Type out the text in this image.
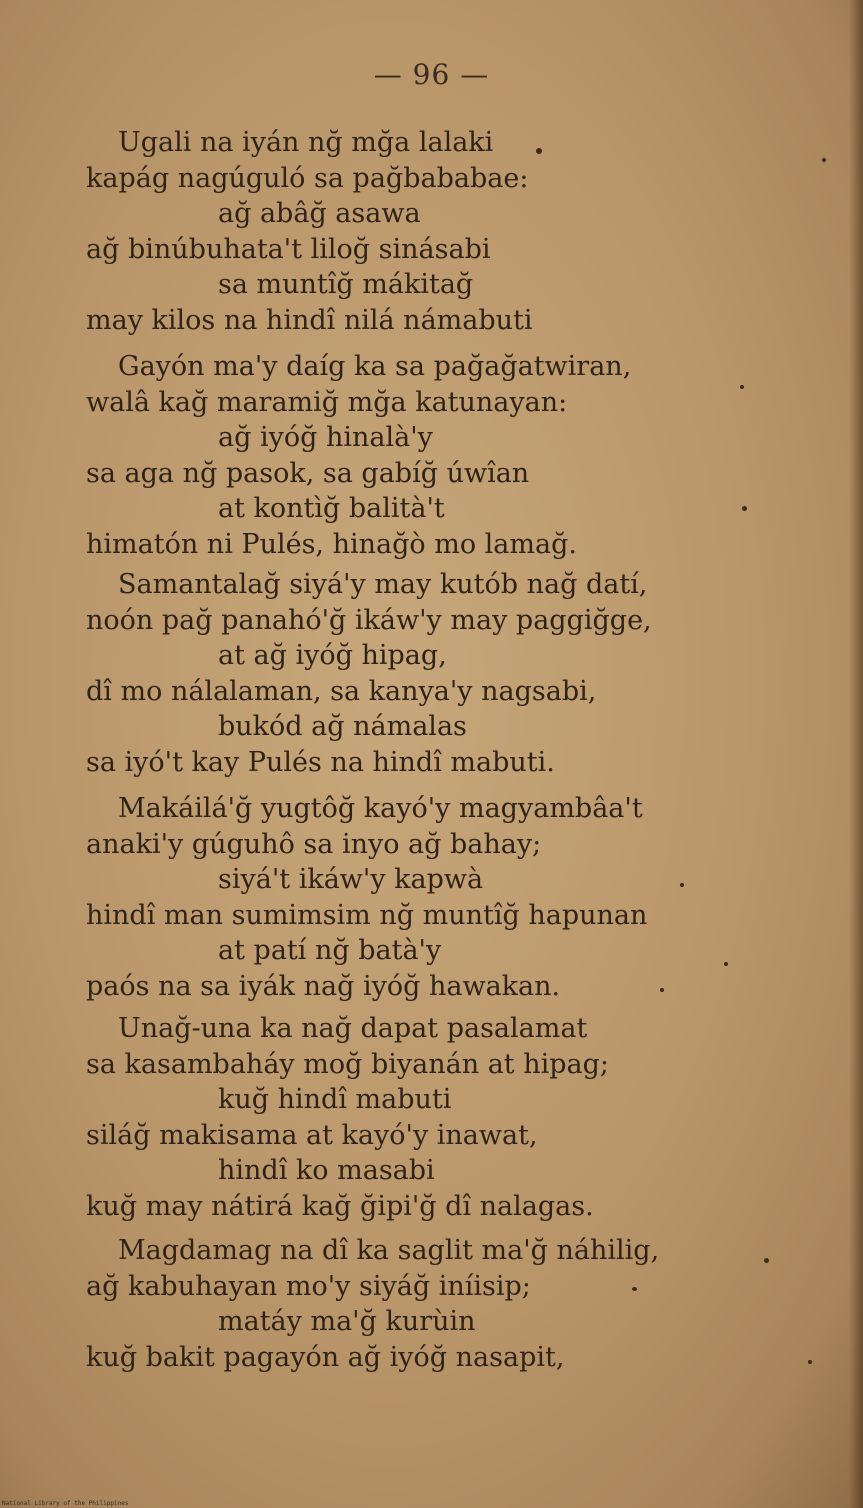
— 96 —
Ugali na iyán nğ mğa lalaki
kapág nagúguló sa pağbababae:
ağ abâğ asawa
ağ binúbuhata't liloğ sinásabi
sa muntîğ mákitağ
may kilos na hindî nilá námabuti
Gayón ma'y daíg ka sa pağağatwiran,
walâ kağ maramiğ mğa katunayan:
ağ iyóğ hinalà'y
sa aga nğ pasok, sa gabíğ úwîan
at kontìğ balità't
himatón ni Pulés, hinağò mo lamağ.
Samantalağ siyá'y may kutób nağ datí,
noón pağ panahó'ğ ikáw'y may paggiğge,
at ağ iyóğ hipag,
dî mo nálalaman, sa kanya'y nagsabi,
bukód ağ námalas
sa iyó't kay Pulés na hindî mabuti.
Makáilá'ğ yugtôğ kayó'y magyambâa't
anaki'y gúguhô sa inyo ağ bahay;
siyá't ikáw'y kapwà
hindî man sumimsim nğ muntîğ hapunan
at patí nğ batà'y
paós na sa iyák nağ iyóğ hawakan.
Unağ-una ka nağ dapat pasalamat
sa kasambaháy moğ biyanán at hipag;
kuğ hindî mabuti
siláğ makisama at kayó'y inawat,
hindî ko masabi
kuğ may nátirá kağ ğipi'ğ dî nalagas.
Magdamag na dî ka saglit ma'ğ náhilig,
ağ kabuhayan mo'y siyáğ iníisip;
matáy ma'ğ kurùin
kuğ bakit pagayón ağ iyóğ nasapit,
National Library of the Philippines
